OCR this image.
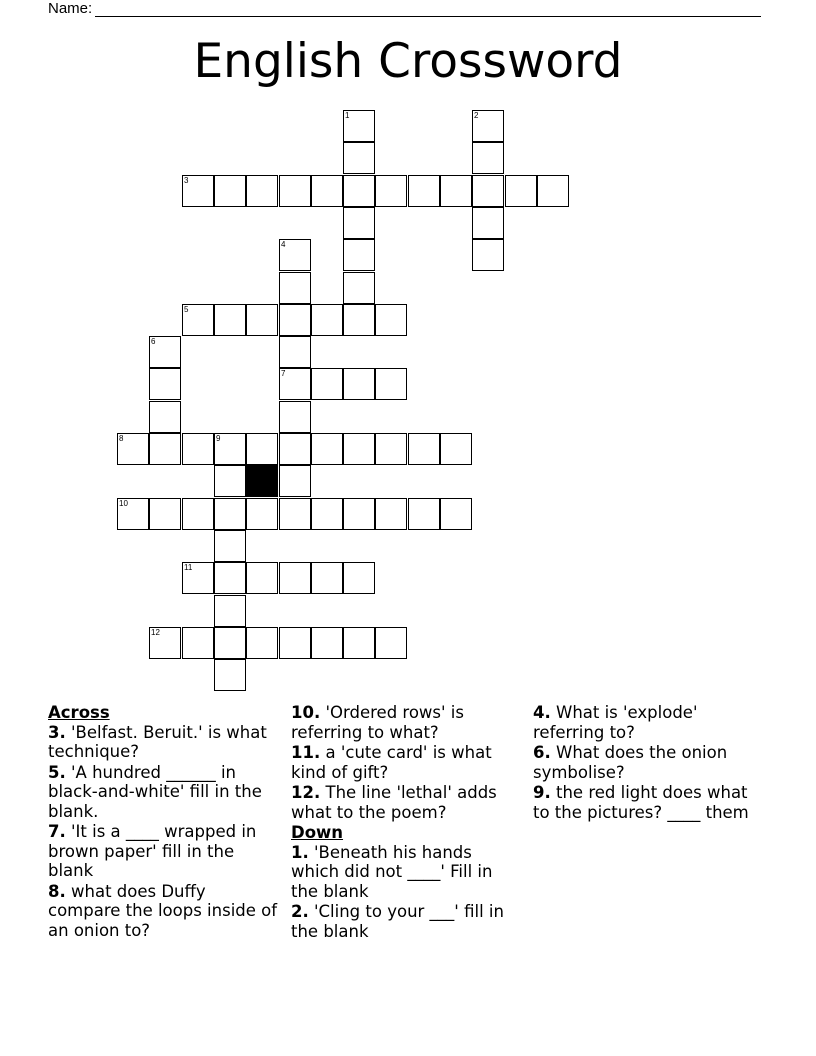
Name:
English Crossword
3
5
7
8	9
10
11
12
1	2
4
6
Across
3. 'Belfast. Beruit.' is what technique?
5. 'A hundred ______ in black-and-white' fill in the blank.
7. 'It is a ____ wrapped in brown paper' fill in the blank
8. what does Duffy compare the loops inside of an onion to?
10. 'Ordered rows' is referring to what?
11. a 'cute card' is what kind of gift?
12. The line 'lethal' adds what to the poem?
Down
1. 'Beneath his hands which did not ____' Fill in the blank
2. 'Cling to your ___' fill in the blank
4. What is 'explode' referring to?
6. What does the onion symbolise?
9. the red light does what to the pictures? ____ them
